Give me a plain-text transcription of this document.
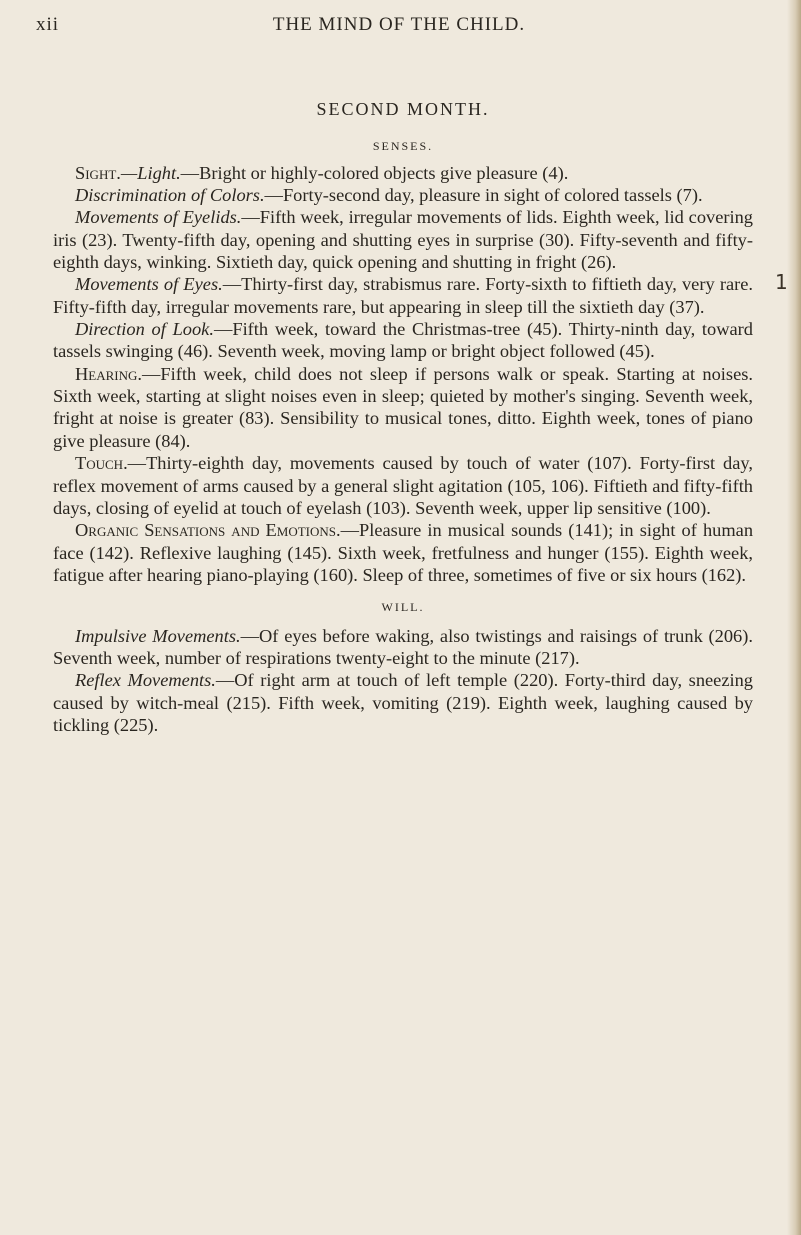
xii	THE MIND OF THE CHILD.
1
SECOND MONTH.
SENSES.

Sight.—Light.—Bright or highly-colored objects give pleasure (4).

Discrimination of Colors.—Forty-second day, pleasure in sight of colored tassels (7).

Movements of Eyelids.—Fifth week, irregular movements of lids. Eighth week, lid covering iris (23). Twenty-fifth day, opening and shutting eyes in surprise (30). Fifty-seventh and fifty-eighth days, winking. Sixtieth day, quick opening and shutting in fright (26).

Movements of Eyes.—Thirty-first day, strabismus rare. Forty-sixth to fiftieth day, very rare. Fifty-fifth day, irregular movements rare, but appearing in sleep till the sixtieth day (37).

Direction of Look.—Fifth week, toward the Christmas-tree (45). Thirty-ninth day, toward tassels swinging (46). Seventh week, moving lamp or bright object followed (45).

Hearing.—Fifth week, child does not sleep if persons walk or speak. Starting at noises. Sixth week, starting at slight noises even in sleep; quieted by mother's singing. Seventh week, fright at noise is greater (83). Sensibility to musical tones, ditto. Eighth week, tones of piano give pleasure (84).

Touch.—Thirty-eighth day, movements caused by touch of water (107). Forty-first day, reflex movement of arms caused by a general slight agitation (105, 106). Fiftieth and fifty-fifth days, closing of eyelid at touch of eyelash (103). Seventh week, upper lip sensitive (100).

Organic Sensations and Emotions.—Pleasure in musical sounds (141); in sight of human face (142). Reflexive laughing (145). Sixth week, fretfulness and hunger (155). Eighth week, fatigue after hearing piano-playing (160). Sleep of three, sometimes of five or six hours (162).

WILL.

Impulsive Movements.—Of eyes before waking, also twistings and raisings of trunk (206). Seventh week, number of respirations twenty-eight to the minute (217).

Reflex Movements.—Of right arm at touch of left temple (220). Forty-third day, sneezing caused by witch-meal (215). Fifth week, vomiting (219). Eighth week, laughing caused by tickling (225).
